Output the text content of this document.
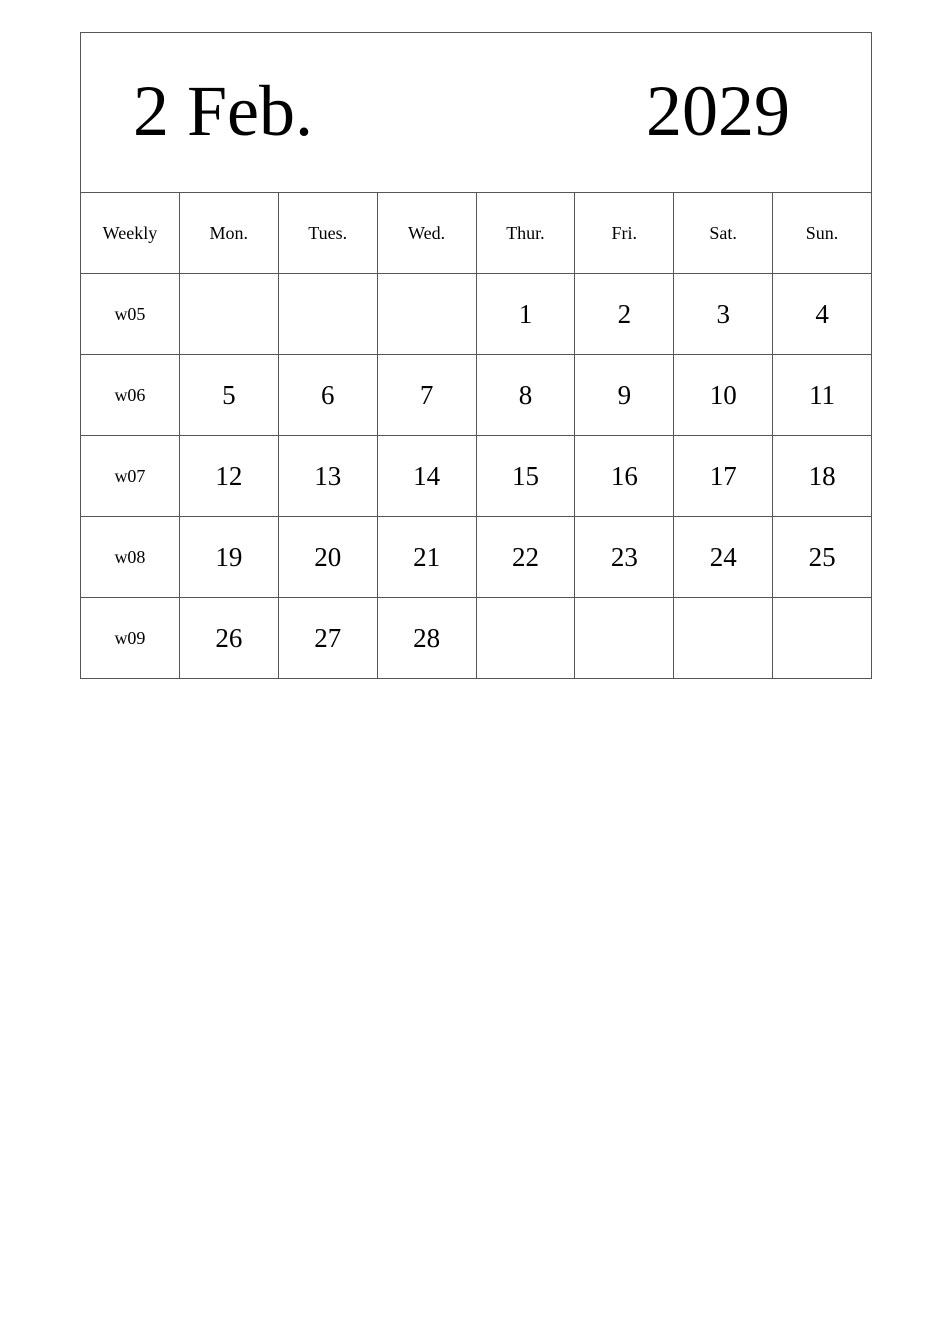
2 Feb. 2029							

Weekly	Mon.	Tues.	Wed.	Thur.	Fri.	Sat.	Sun.
w05				1	2	3	4
w06	5	6	7	8	9	10	11
w07	12	13	14	15	16	17	18
w08	19	20	21	22	23	24	25
w09	26	27	28				
